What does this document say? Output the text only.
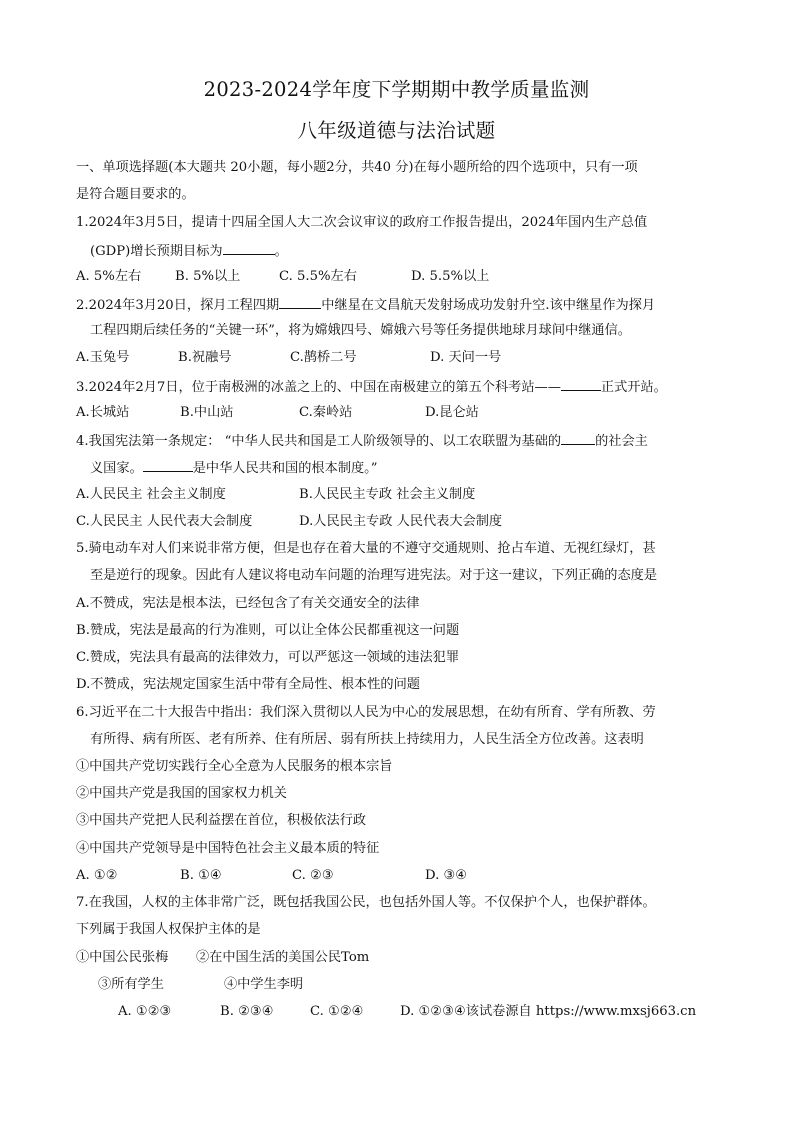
2023-2024学年度下学期期中教学质量监测
八年级道德与法治试题
一、单项选择题(本大题共 20小题，每小题2分，共40 分)在每小题所给的四个选项中，只有一项
是符合题目要求的。
1.2024年3月5日，提请十四届全国人大二次会议审议的政府工作报告提出，2024年国内生产总值
(GDP)增长预期目标为	。
A. 5%左右	B. 5%以上	C. 5.5%左右	D. 5.5%以上
2.2024年3月20日，探月工程四期	中继星在文昌航天发射场成功发射升空.该中继星作为探月
工程四期后续任务的“关键一环”，将为嫦娥四号、嫦娥六号等任务提供地球月球间中继通信。
A.玉兔号	B.祝融号	C.鹊桥二号	D. 天问一号
3.2024年2月7日，位于南极洲的冰盖之上的、中国在南极建立的第五个科考站——	正式开站。
A.长城站	B.中山站	C.秦岭站	D.昆仑站
4.我国宪法第一条规定： “中华人民共和国是工人阶级领导的、以工农联盟为基础的	的社会主
义国家。	是中华人民共和国的根本制度。”
A.人民民主 社会主义制度	B.人民民主专政 社会主义制度
C.人民民主 人民代表大会制度	D.人民民主专政 人民代表大会制度
5.骑电动车对人们来说非常方便，但是也存在着大量的不遵守交通规则、抢占车道、无视红绿灯，甚
至是逆行的现象。因此有人建议将电动车问题的治理写进宪法。对于这一建议，下列正确的态度是
A.不赞成，宪法是根本法，已经包含了有关交通安全的法律
B.赞成，宪法是最高的行为准则，可以让全体公民都重视这一问题
C.赞成，宪法具有最高的法律效力，可以严惩这一领域的违法犯罪
D.不赞成，宪法规定国家生活中带有全局性、根本性的问题
6.习近平在二十大报告中指出：我们深入贯彻以人民为中心的发展思想，在幼有所育、学有所教、劳
有所得、病有所医、老有所养、住有所居、弱有所扶上持续用力，人民生活全方位改善。这表明
①中国共产党切实践行全心全意为人民服务的根本宗旨
②中国共产党是我国的国家权力机关
③中国共产党把人民利益摆在首位，积极依法行政
④中国共产党领导是中国特色社会主义最本质的特征
A. ①②	B. ①④	C. ②③	D. ③④
7.在我国，人权的主体非常广泛，既包括我国公民，也包括外国人等。不仅保护个人，也保护群体。
下列属于我国人权保护主体的是
①中国公民张梅 ②在中国生活的美国公民Tom
③所有学生	④中学生李明
A. ①②③	B. ②③④	C. ①②④	D. ①②③④该试卷源自 https://www.mxsj663.cn
